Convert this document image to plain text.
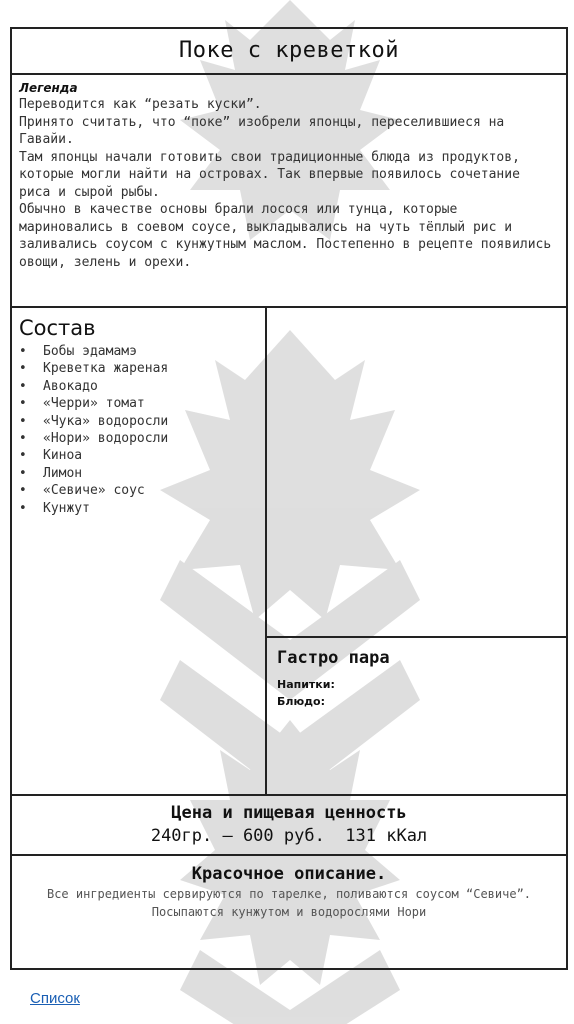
Поке с креветкой
Легенда
Переводится как “резать куски”.
Принято считать, что “поке” изобрели японцы, переселившиеся на Гавайи.
Там японцы начали готовить свои традиционные блюда из продуктов, которые могли найти на островах. Так впервые появилось сочетание риса и сырой рыбы.
Обычно в качестве основы брали лосося или тунца, которые мариновались в соевом соусе, выкладывались на чуть тёплый рис и заливались соусом с кунжутным маслом. Постепенно в рецепте появились овощи, зелень и орехи.
Состав
• Бобы эдамамэ
• Креветка жареная
• Авокадо
• «Черри» томат
• «Чука» водоросли
• «Нори» водоросли
• Киноа
• Лимон
• «Севиче» соус
• Кунжут
Гастро пара
Напитки:
Блюдо:
Цена и пищевая ценность
240гр. – 600 руб.  131 кКал
Красочное описание.
Все ингредиенты сервируются по тарелке, поливаются соусом “Севиче”. Посыпаются кунжутом и водорослями Нори
Список
